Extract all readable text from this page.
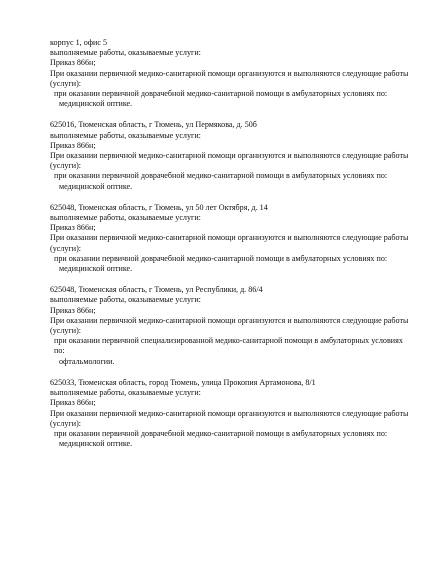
корпус 1, офис 5
выполняемые работы, оказываемые услуги:
Приказ 866н;
При оказании первичной медико-санитарной помощи организуются и выполняются следующие работы (услуги):
при оказании первичной доврачебной медико-санитарной помощи в амбулаторных условиях по:
медицинской оптике.
625016, Тюменская область, г Тюмень, ул Пермякова, д. 50б
выполняемые работы, оказываемые услуги:
Приказ 866н;
При оказании первичной медико-санитарной помощи организуются и выполняются следующие работы (услуги):
при оказании первичной доврачебной медико-санитарной помощи в амбулаторных условиях по:
медицинской оптике.
625048, Тюменская область, г Тюмень, ул 50 лет Октября, д. 14
выполняемые работы, оказываемые услуги:
Приказ 866н;
При оказании первичной медико-санитарной помощи организуются и выполняются следующие работы (услуги):
при оказании первичной доврачебной медико-санитарной помощи в амбулаторных условиях по:
медицинской оптике.
625048, Тюменская область, г Тюмень, ул Республики, д. 86/4
выполняемые работы, оказываемые услуги:
Приказ 866н;
При оказании первичной медико-санитарной помощи организуются и выполняются следующие работы (услуги):
при оказании первичной специализированной медико-санитарной помощи в амбулаторных условиях по:
офтальмологии.
625033, Тюменская область, город Тюмень, улица Прокопия Артамонова, 8/1
выполняемые работы, оказываемые услуги:
Приказ 866н;
При оказании первичной медико-санитарной помощи организуются и выполняются следующие работы (услуги):
при оказании первичной доврачебной медико-санитарной помощи в амбулаторных условиях по:
медицинской оптике.
